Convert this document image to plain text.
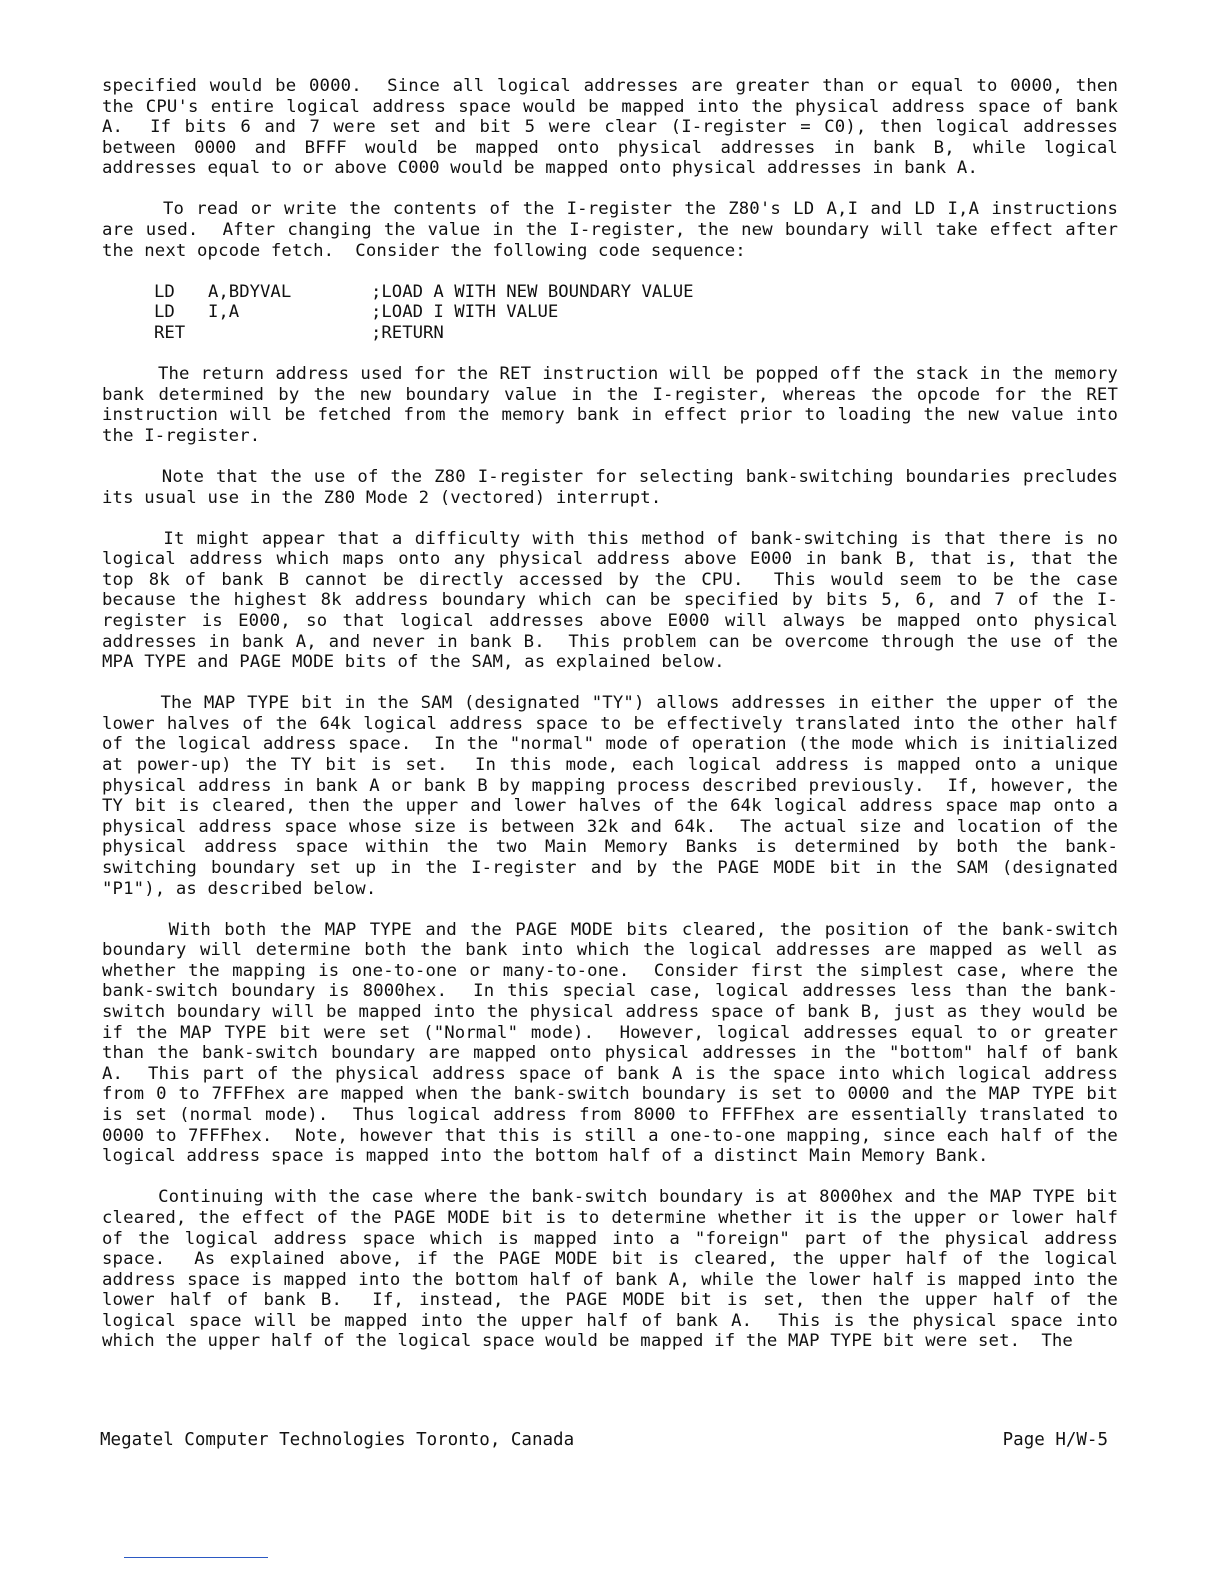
specified would be 0000.  Since all logical addresses are greater than or equal to 0000, then
the CPU's entire logical address space would be mapped into the physical address space of bank
A.  If bits 6 and 7 were set and bit 5 were clear (I-register = C0), then logical addresses
between 0000 and BFFF would be mapped onto physical addresses in bank B, while logical
addresses equal to or above C000 would be mapped onto physical addresses in bank A.
To read or write the contents of the I-register the Z80's LD A,I and LD I,A instructions
are used.  After changing the value in the I-register, the new boundary will take effect after
the next opcode fetch.  Consider the following code sequence:
LD	A,BDYVAL	;LOAD A WITH NEW BOUNDARY VALUE
LD	I,A	;LOAD I WITH VALUE
RET	;RETURN
The return address used for the RET instruction will be popped off the stack in the memory
bank determined by the new boundary value in the I-register, whereas the opcode for the RET
instruction will be fetched from the memory bank in effect prior to loading the new value into
the I-register.
Note that the use of the Z80 I-register for selecting bank-switching boundaries precludes
its usual use in the Z80 Mode 2 (vectored) interrupt.
It might appear that a difficulty with this method of bank-switching is that there is no
logical address which maps onto any physical address above E000 in bank B, that is, that the
top 8k of bank B cannot be directly accessed by the CPU.  This would seem to be the case
because the highest 8k address boundary which can be specified by bits 5, 6, and 7 of the I-
register is E000, so that logical addresses above E000 will always be mapped onto physical
addresses in bank A, and never in bank B.  This problem can be overcome through the use of the
MPA TYPE and PAGE MODE bits of the SAM, as explained below.
The MAP TYPE bit in the SAM (designated "TY") allows addresses in either the upper of the
lower halves of the 64k logical address space to be effectively translated into the other half
of the logical address space.  In the "normal" mode of operation (the mode which is initialized
at power-up) the TY bit is set.  In this mode, each logical address is mapped onto a unique
physical address in bank A or bank B by mapping process described previously.  If, however, the
TY bit is cleared, then the upper and lower halves of the 64k logical address space map onto a
physical address space whose size is between 32k and 64k.  The actual size and location of the
physical address space within the two Main Memory Banks is determined by both the bank-
switching boundary set up in the I-register and by the PAGE MODE bit in the SAM (designated
"P1"), as described below.
With both the MAP TYPE and the PAGE MODE bits cleared, the position of the bank-switch
boundary will determine both the bank into which the logical addresses are mapped as well as
whether the mapping is one-to-one or many-to-one.  Consider first the simplest case, where the
bank-switch boundary is 8000hex.  In this special case, logical addresses less than the bank-
switch boundary will be mapped into the physical address space of bank B, just as they would be
if the MAP TYPE bit were set ("Normal" mode).  However, logical addresses equal to or greater
than the bank-switch boundary are mapped onto physical addresses in the "bottom" half of bank
A.  This part of the physical address space of bank A is the space into which logical address
from 0 to 7FFFhex are mapped when the bank-switch boundary is set to 0000 and the MAP TYPE bit
is set (normal mode).  Thus logical address from 8000 to FFFFhex are essentially translated to
0000 to 7FFFhex.  Note, however that this is still a one-to-one mapping, since each half of the
logical address space is mapped into the bottom half of a distinct Main Memory Bank.
Continuing with the case where the bank-switch boundary is at 8000hex and the MAP TYPE bit
cleared, the effect of the PAGE MODE bit is to determine whether it is the upper or lower half
of the logical address space which is mapped into a "foreign" part of the physical address
space.  As explained above, if the PAGE MODE bit is cleared, the upper half of the logical
address space is mapped into the bottom half of bank A, while the lower half is mapped into the
lower half of bank B.  If, instead, the PAGE MODE bit is set, then the upper half of the
logical space will be mapped into the upper half of bank A.  This is the physical space into
which the upper half of the logical space would be mapped if the MAP TYPE bit were set.  The
Megatel Computer Technologies Toronto, Canada	Page H/W-5
